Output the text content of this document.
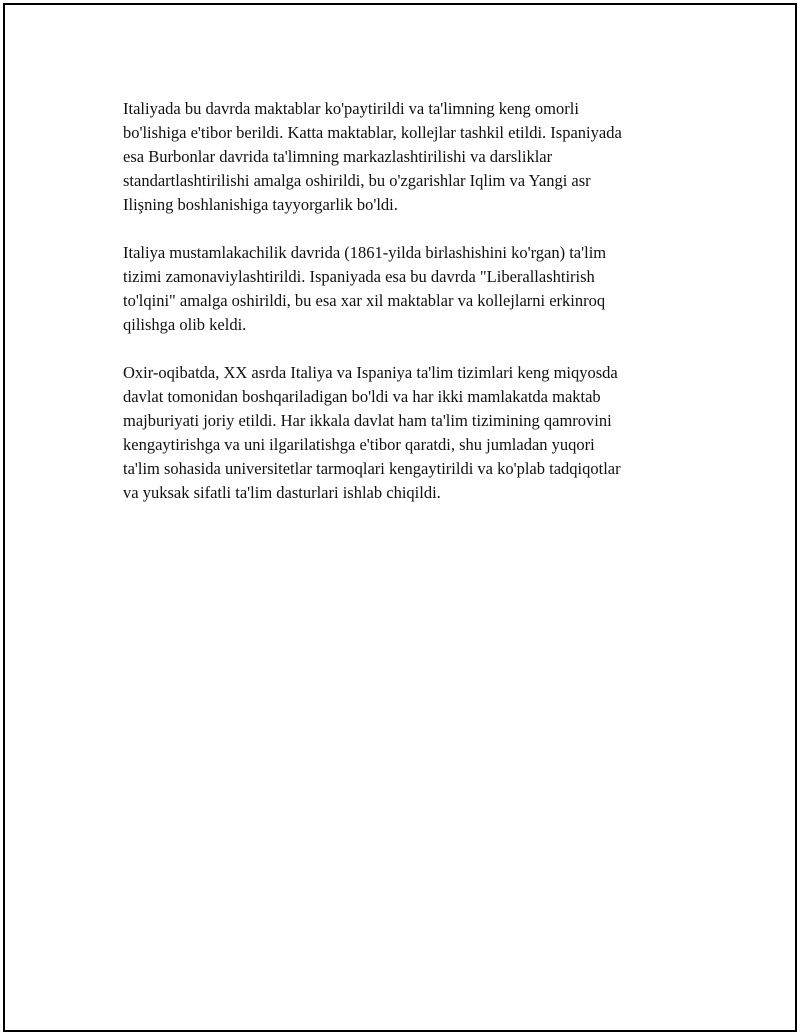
Italiyada bu davrda maktablar ko'paytirildi va ta'limning keng omorli
bo'lishiga e'tibor berildi. Katta maktablar, kollejlar tashkil etildi. Ispaniyada
esa Burbonlar davrida ta'limning markazlashtirilishi va darsliklar
standartlashtirilishi amalga oshirildi, bu o'zgarishlar Iqlim va Yangi asr
Ilişning boshlanishiga tayyorgarlik bo'ldi.

Italiya mustamlakachilik davrida (1861-yilda birlashishini ko'rgan) ta'lim
tizimi zamonaviylashtirildi. Ispaniyada esa bu davrda "Liberallashtirish
to'lqini" amalga oshirildi, bu esa xar xil maktablar va kollejlarni erkinroq
qilishga olib keldi.

Oxir-oqibatda, XX asrda Italiya va Ispaniya ta'lim tizimlari keng miqyosda
davlat tomonidan boshqariladigan bo'ldi va har ikki mamlakatda maktab
majburiyati joriy etildi. Har ikkala davlat ham ta'lim tizimining qamrovini
kengaytirishga va uni ilgarilatishga e'tibor qaratdi, shu jumladan yuqori
ta'lim sohasida universitetlar tarmoqlari kengaytirildi va ko'plab tadqiqotlar
va yuksak sifatli ta'lim dasturlari ishlab chiqildi.
